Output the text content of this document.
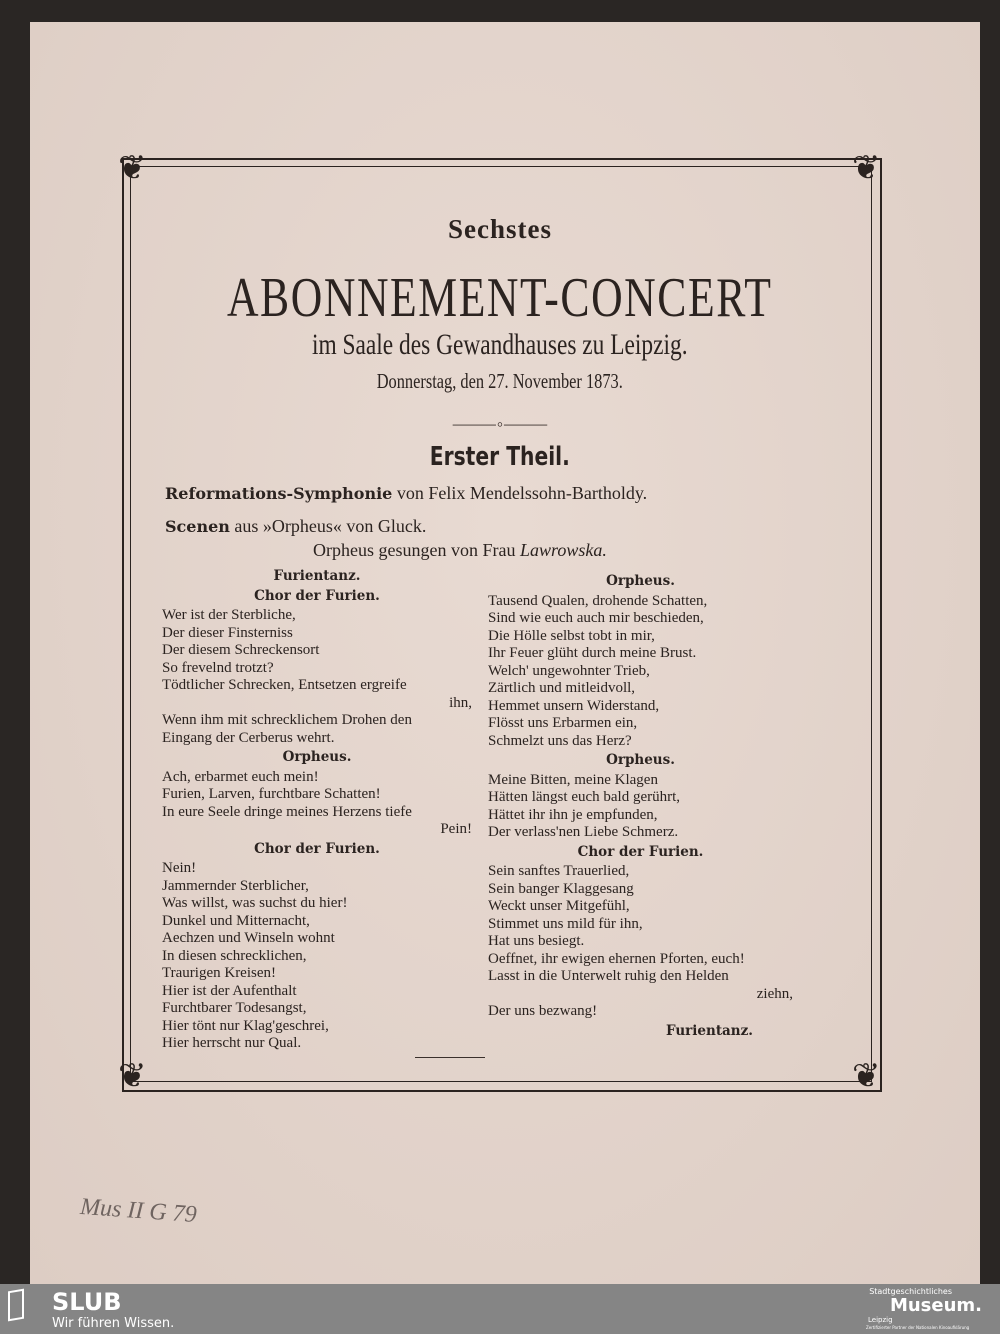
❦	❦
❦	❦
Sechstes
ABONNEMENT-CONCERT
im Saale des Gewandhauses zu Leipzig.
Donnerstag, den 27. November 1873.
⸻◦⸻
Erster Theil.
Reformations-Symphonie von Felix Mendelssohn-Bartholdy.
Scenen aus »Orpheus« von Gluck.
Orpheus gesungen von Frau Lawrowska.
Furientanz.
Chor der Furien.
Wer ist der Sterbliche,
Der dieser Finsterniss
Der diesem Schreckensort
So frevelnd trotzt?
Tödtlicher Schrecken, Entsetzen ergreife
ihn,
Wenn ihm mit schrecklichem Drohen den
Eingang der Cerberus wehrt.
Orpheus.
Ach, erbarmet euch mein!
Furien, Larven, furchtbare Schatten!
In eure Seele dringe meines Herzens tiefe
Pein!
Chor der Furien.
Nein!
Jammernder Sterblicher,
Was willst, was suchst du hier!
Dunkel und Mitternacht,
Aechzen und Winseln wohnt
In diesen schrecklichen,
Traurigen Kreisen!
Hier ist der Aufenthalt
Furchtbarer Todesangst,
Hier tönt nur Klag'geschrei,
Hier herrscht nur Qual.
Orpheus.
Tausend Qualen, drohende Schatten,
Sind wie euch auch mir beschieden,
Die Hölle selbst tobt in mir,
Ihr Feuer glüht durch meine Brust.
Welch' ungewohnter Trieb,
Zärtlich und mitleidvoll,
Hemmet unsern Widerstand,
Flösst uns Erbarmen ein,
Schmelzt uns das Herz?
Orpheus.
Meine Bitten, meine Klagen
Hätten längst euch bald gerührt,
Hättet ihr ihn je empfunden,
Der verlass'nen Liebe Schmerz.
Chor der Furien.
Sein sanftes Trauerlied,
Sein banger Klaggesang
Weckt unser Mitgefühl,
Stimmet uns mild für ihn,
Hat uns besiegt.
Oeffnet, ihr ewigen ehernen Pforten, euch!
Lasst in die Unterwelt ruhig den Helden
ziehn,
Der uns bezwang!
Furientanz.
Mus II G 79
SLUB
Wir führen Wissen.
Stadtgeschichtliches
Museum.
Leipzig
Zertifizierter Partner der Nationalen Kinoaufklärung
